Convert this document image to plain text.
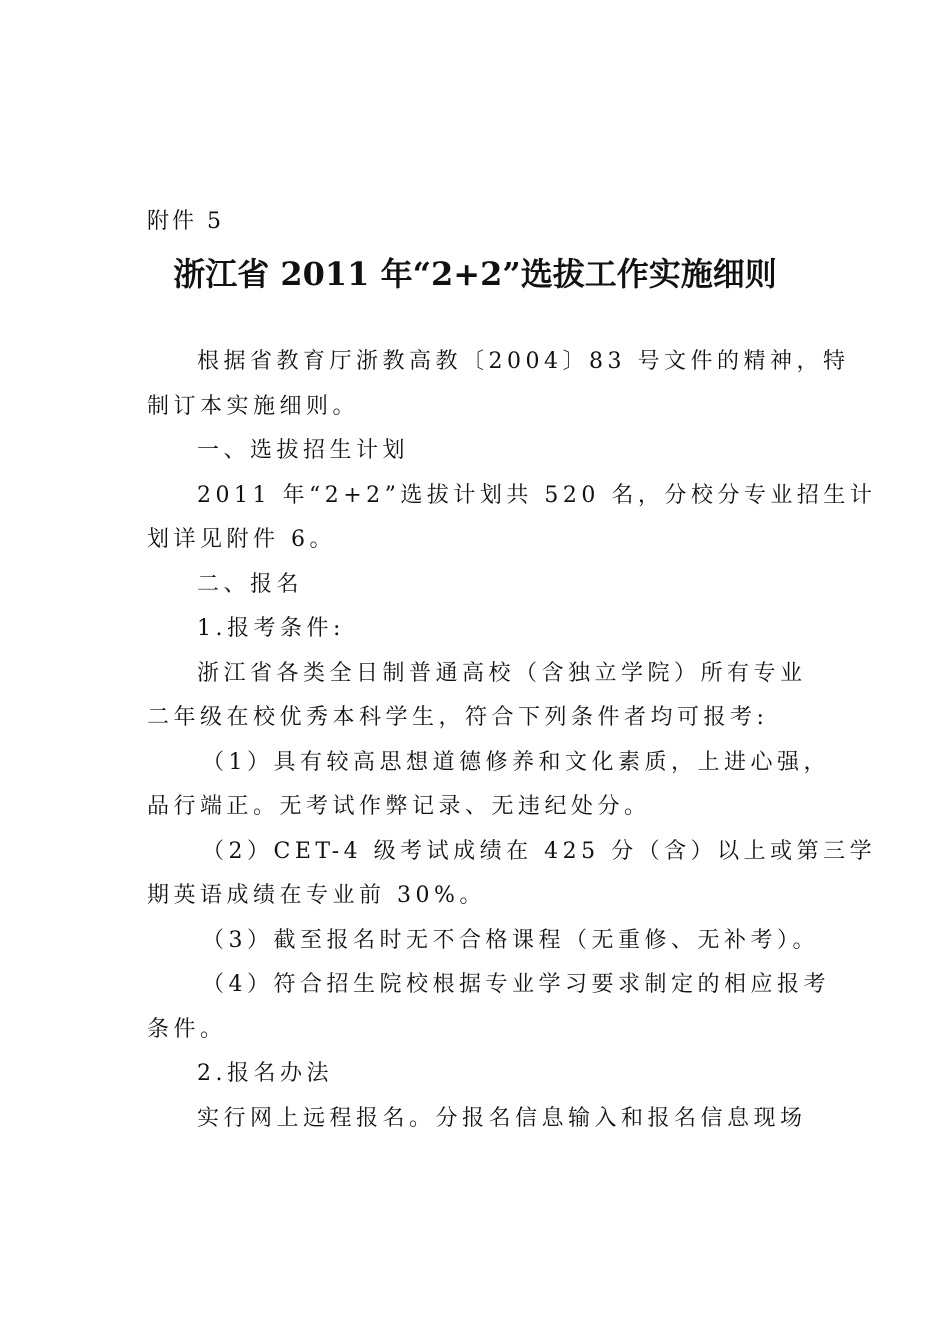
附件 5
浙江省 2011 年“2+2”选拔工作实施细则
根据省教育厅浙教高教〔2004〕83 号文件的精神，特
制订本实施细则。
一、选拔招生计划
2011 年“2+2”选拔计划共 520 名，分校分专业招生计
划详见附件 6。
二、报名
1.报考条件:
浙江省各类全日制普通高校（含独立学院）所有专业
二年级在校优秀本科学生，符合下列条件者均可报考:
（1）具有较高思想道德修养和文化素质，上进心强，
品行端正。无考试作弊记录、无违纪处分。
（2）CET-4 级考试成绩在 425 分（含）以上或第三学
期英语成绩在专业前 30%。
（3）截至报名时无不合格课程（无重修、无补考）。
（4）符合招生院校根据专业学习要求制定的相应报考
条件。
2.报名办法
实行网上远程报名。分报名信息输入和报名信息现场
